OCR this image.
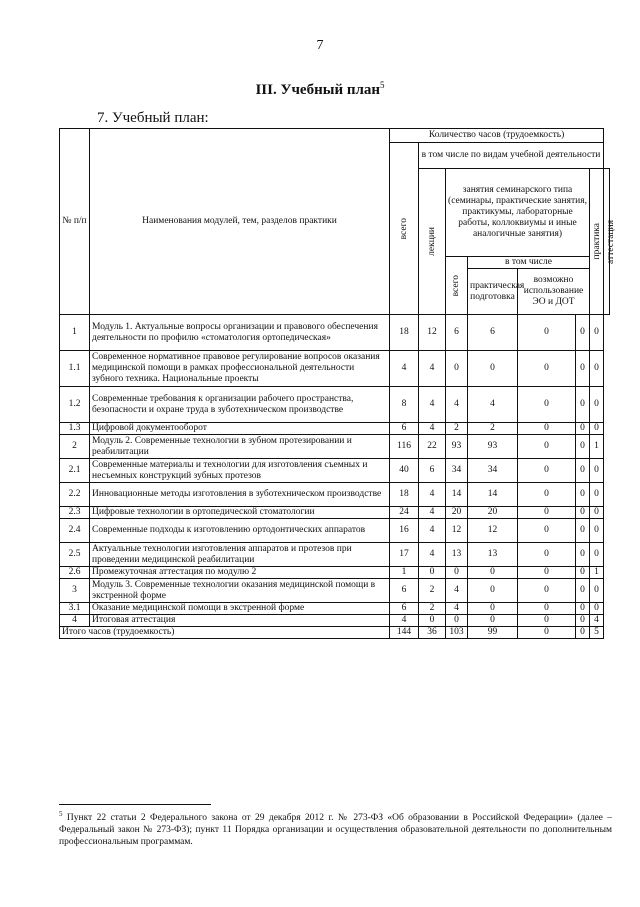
7
III. Учебный план$^5$
7. Учебный план:
№ п/п	Наименования модулей, тем, разделов практики	Количество часов (трудоемкость)							

		всего	в том числе по видам учебной деятельности						

			лекции	занятия семинарского типа (семинары, практические занятия, практикумы, лабораторные работы, коллоквиумы и иные аналогичные занятия)				практика	аттестация

				всего	в том числе				
					практическая подготовка	возможно использование ЭО и ДОТ			
1	Модуль 1. Актуальные вопросы организации и правового обеспечения деятельности по профилю «стоматология ортопедическая»	18	12	6	6	0	0	0	
1.1	Современное нормативное правовое регулирование вопросов оказания медицинской помощи в рамках профессиональной деятельности зубного техника. Национальные проекты	4	4	0	0	0	0	0	
1.2	Современные требования к организации рабочего пространства, безопасности и охране труда в зуботехническом производстве	8	4	4	4	0	0	0	
1.3	Цифровой документооборот	6	4	2	2	0	0	0	
2	Модуль 2. Современные технологии в зубном протезировании и реабилитации	116	22	93	93	0	0	1	
2.1	Современные материалы и технологии для изготовления съемных и несъемных конструкций зубных протезов	40	6	34	34	0	0	0	
2.2	Инновационные методы изготовления в зуботехническом производстве	18	4	14	14	0	0	0	
2.3	Цифровые технологии в ортопедической стоматологии	24	4	20	20	0	0	0	
2.4	Современные подходы к изготовлению ортодонтических аппаратов	16	4	12	12	0	0	0	
2.5	Актуальные технологии изготовления аппаратов и протезов при проведении медицинской реабилитации	17	4	13	13	0	0	0	
2.6	Промежуточная аттестация по модулю 2	1	0	0	0	0	0	1	
3	Модуль 3. Современные технологии оказания медицинской помощи в экстренной форме	6	2	4	0	0	0	0	
3.1	Оказание медицинской помощи в экстренной форме	6	2	4	0	0	0	0	
4	Итоговая аттестация	4	0	0	0	0	0	4	
Итого часов (трудоемкость)		144	36	103	99	0	0	5	
$^5$ Пункт 22 статьи 2 Федерального закона от 29 декабря 2012 г. № 273-ФЗ «Об образовании в Российской Федерации» (далее – Федеральный закон № 273-ФЗ); пункт 11 Порядка организации и осуществления образовательной деятельности по дополнительным профессиональным программам.
